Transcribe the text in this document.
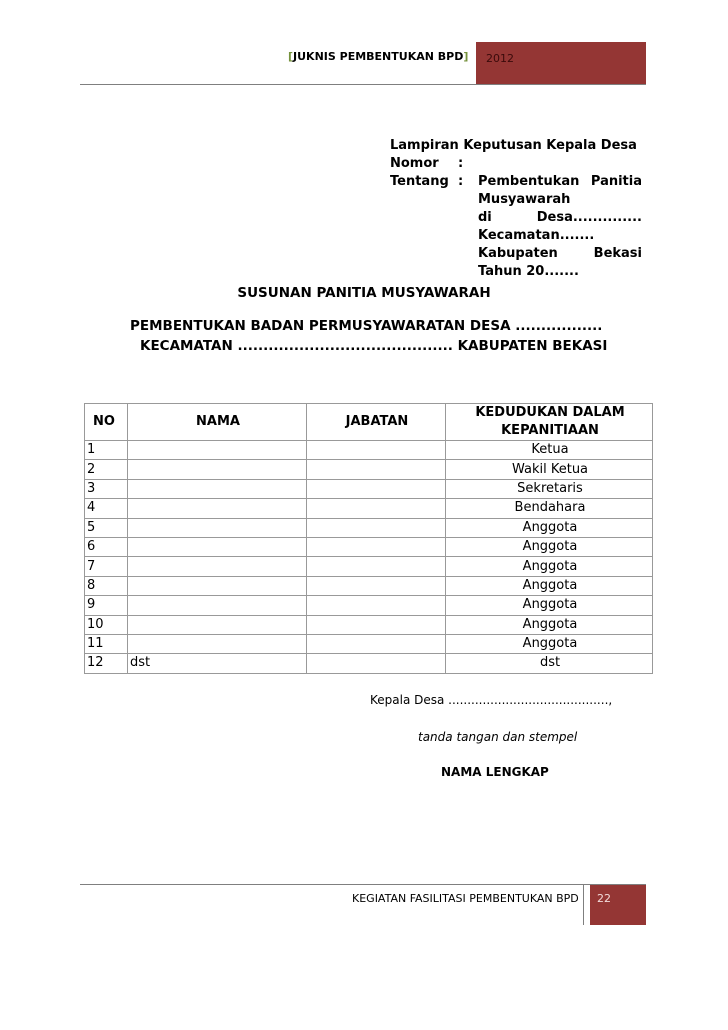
[JUKNIS PEMBENTUKAN BPD]	2012
Lampiran Keputusan Kepala Desa
Nomor	:
Tentang :	Pembentukan Panitia
Musyawarah
di	Desa..............
Kecamatan.......
Kabupaten	Bekasi
Tahun 20.......
SUSUNAN PANITIA MUSYAWARAH
PEMBENTUKAN BADAN PERMUSYAWARATAN DESA .................
KECAMATAN .......................................... KABUPATEN BEKASI
NO	NAMA	JABATAN	KEDUDUKAN DALAM KEPANITIAAN
1			Ketua
2			Wakil Ketua
3			Sekretaris
4			Bendahara
5			Anggota
6			Anggota
7			Anggota
8			Anggota
9			Anggota
10			Anggota
11			Anggota
12	dst		dst
Kepala Desa ..........................................,
tanda tangan dan stempel
NAMA LENGKAP
KEGIATAN FASILITASI PEMBENTUKAN BPD	22
